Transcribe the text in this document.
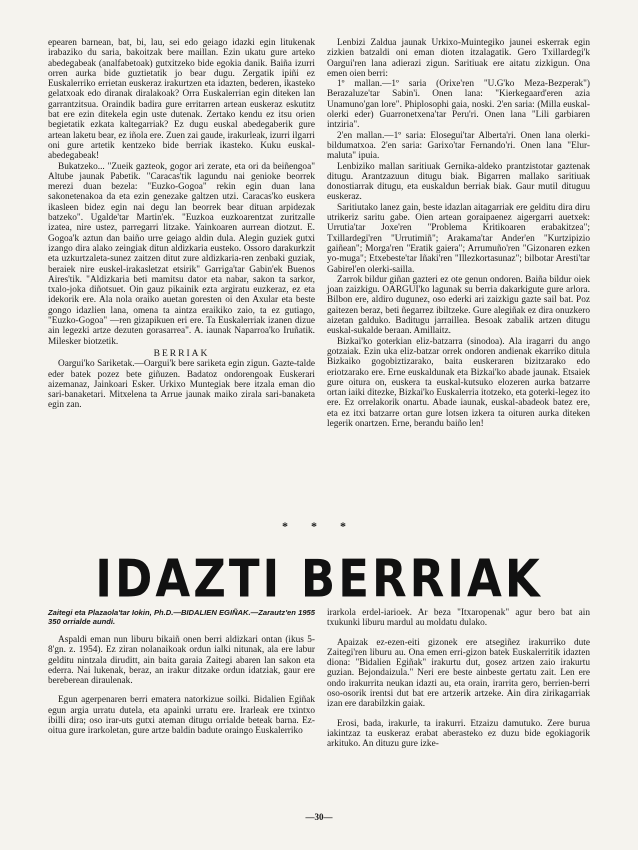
epearen barnean, bat, bi, lau, sei edo geiago idazki egin litukenak irabaziko du saria, bakoitzak bere maillan. Ezin ukatu gure arteko abedegabeak (analfabetoak) gutxitzeko bide egokia danik. Baiña izurri orren aurka bide guztietatik jo bear dugu. Zergatik ipiñi ez Euskalerriko errietan euskeraz irakurtzen eta idazten, bederen, ikasteko gelatxoak edo diranak diralakoak? Orra Euskalerrian egin diteken lan garrantzitsua. Oraindik badira gure erritarren artean euskeraz eskutitz bat ere ezin ditekela egin uste dutenak. Zertako kendu ez itsu orien begietatik ezkata kaltegarriak? Ez dugu euskal abedegaberik gure artean laketu bear, ez iñola ere. Zuen zai gaude, irakurleak, izurri ilgarri oni gure artetik kentzeko bide berriak ikasteko. Kuku euskal-abedegabeak!

Bukatzeko... "Zueik gazteok, gogor ari zerate, eta ori da beiñengoa" Altube jaunak Pabetik. "Caracas'tik lagundu nai genioke beorrek merezi duan bezela: "Euzko-Gogoa" rekin egin duan lana sakonetenakoa da eta ezin genezake galtzen utzi. Caracas'ko euskera ikasleen bidez egin nai degu lan beorrek bear dituan arpidezak batzeko". Ugalde'tar Martin'ek. "Euzkoa euzkoarentzat zuritzalle izatea, nire ustez, parregarri litzake. Yainkoaren aurrean diotzut. E. Gogoa'k aztun dan baiño urre geiago aldin dula. Alegin guziek gutxi izango dira alako zeingiak ditun aldizkaria eusteko. Ossoro darakurkzit eta uzkurtzaleta-sunez zaitzen ditut zure aldizkaria-ren zenbaki guziak, beraiek nire euskel-irakasletzat etsirik" Garriga'tar Gabin'ek Buenos Aires'tik. "Aldizkaria beti mamitsu dator eta nabar, sakon ta sarkor, txalo-joka diñotsuet. Oin gauz pikainik ezta argiratu euzkeraz, ez eta idekorik ere. Ala nola oraiko auetan goresten oi den Axular eta beste gongo idazlien lana, omena ta aintza eraikiko zaio, ta ez gutiago, "Euzko-Gogoa" —ren gizapikuen eri ere. Ta Euskalerriak izanen dizue ain legezki artze dezuten gorasarrea". A. iaunak Naparroa'ko Iruñatik. Milesker biotzetik.

BERRIAK

Oargui'ko Sariketak.—Oargui'k bere sariketa egin zigun. Gazte-talde eder batek pozez bete giñuzen. Badatoz ondorengoak Euskerari aizemanaz, Jainkoari Esker. Urkixo Muntegiak bere itzala eman dio sari-banaketari. Mitxelena ta Arrue jaunak maiko zirala sari-banaketa egin zan.

Lenbizi Zaldua jaunak Urkixo-Muintegiko jaunei eskerrak egin zizkien batzaldi oni eman dioten itzalagatik. Gero Txillardegi'k Oargui'ren lana adierazi zigun. Saritiuak ere aitatu zizkigun. Ona emen oien berri:

1º mallan.—1º saria (Orixe'ren "U.G'ko Meza-Bezperak") Berazaluze'tar Sabin'i. Onen lana: "Kierkegaard'eren azia Unamuno'gan lore". Phiplosophi gaia, noski. 2'en saria: (Milla euskal-olerki eder) Guarronetxena'tar Peru'ri. Onen lana "Lili garbiaren intziria".

2'en mallan.—1º saria: Elosegui'tar Alberta'ri. Onen lana olerki-bildumatxoa. 2'en saria: Garixo'tar Fernando'ri. Onen lana "Elur-maluta" ipuia.

Lenbiziko mallan saritiuak Gernika-aldeko prantzistotar gaztenak ditugu. Arantzazuun ditugu biak. Bigarren mallako saritiuak donostiarrak ditugu, eta euskaldun berriak biak. Gaur mutil dituguu euskeraz.

Saritiutako lanez gain, beste idazlan aitagarriak ere gelditu dira diru utrikeriz saritu gabe. Oien artean goraipaenez aigergarri auetxek: Urrutia'tar Joxe'ren "Problema Kritikoaren erabakitzea"; Txillardegi'ren "Urrutimiñ"; Arakama'tar Ander'en "Kurtzipizio gaiñean"; Morga'ren "Eratik gaiera"; Arrumuño'ren "Gizonaren ezken yo-muga"; Etxebeste'tar Iñaki'ren "Illezkortasunaz"; bilbotar Aresti'tar Gabirel'en olerki-sailla.

Zarrok bildur giñan gazteri ez ote genun ondoren. Baiña bildur oiek joan zaizkigu. OARGUI'ko lagunak su berria dakarkigute gure arlora. Bilbon ere, aldiro dugunez, oso ederki ari zaizkigu gazte sail bat. Poz gaitezen beraz, beti ñegarrez ibiltzeke. Gure alegiñak ez dira onuzkero aizetan galduko. Baditugu jarraillea. Besoak zabalik artzen ditugu euskal-sukalde beraan. Amillaitz.

Bizkai'ko goterkian eliz-batzarra (sinodoa). Ala iragarri du ango gotzaiak. Ezin uka eliz-batzar orrek ondoren andienak ekarriko ditula Bizkaiko gogobiztizarako, baita euskeraren bizitzarako edo eriotzarako ere. Erne euskaldunak eta Bizkai'ko abade jaunak. Etsaiek gure oitura on, euskera ta euskal-kutsuko elozeren aurka batzarre ortan iaiki ditezke, Bizkai'ko Euskalerria itotzeko, eta goterki-legez ito ere. Ez orrelakorik onartu. Abade iaunak, euskal-abadeok batez ere, eta ez itxi batzarre ortan gure lotsen izkera ta oituren aurka diteken legerik onartzen. Erne, berandu baiño len!

* * *
IDAZTI BERRIAK

Zaitegi eta Plazaola'tar Iokin, Ph.D.—BIDALIEN EGIÑAK.—Zarautz'en 1955 350 orrialde aundi.

Aspaldi eman nun liburu bikaiñ onen berri aldizkari ontan (ikus 5-8'gn. z. 1954). Ez ziran nolanaikoak ordun ialki nitunak, ala ere labur gelditu nintzala diruditt, ain baita garaia Zaitegi abaren lan sakon eta ederra. Nai lukenak, beraz, an irakur ditzake ordun idatziak, gaur ere bereberean diraulenak.

Egun agerpenaren berri ematera natorkizue soilki. Bidalien Egiñak egun argia urratu dutela, eta apainki urratu ere. Irarleak ere txintxo ibilli dira; oso irar-uts gutxi ateman ditugu orrialde beteak barna. Ez-oitua gure irarkoletan, gure artze baldin badute oraingo Euskalerriko

irarkola erdel-iarioek. Ar beza "Itxaropenak" agur bero bat ain txukunki liburu mardul au moldatu dulako.

Apaizak ez-ezen-eiti gizonek ere atsegiñez irakurriko dute Zaitegi'ren liburu au. Ona emen erri-gizon batek Euskalerritik idazten diona: "Bidalien Egiñak" irakurtu dut, gosez artzen zaio irakurtu guzian. Bejondaizula." Neri ere beste ainbeste gertatu zait. Len ere ondo irakurrita neukan idazti au, eta orain, irarrita gero, berrien-berri oso-osorik irentsi dut bat ere artzerik artzeke. Ain dira zirikagarriak izan ere darabilzkin gaiak.

Erosi, bada, irakurle, ta irakurri. Etzaizu damutuko. Zere burua iakintzaz ta euskeraz erabat aberasteko ez duzu bide egokiagorik arkituko. An dituzu gure izke-

—30—
